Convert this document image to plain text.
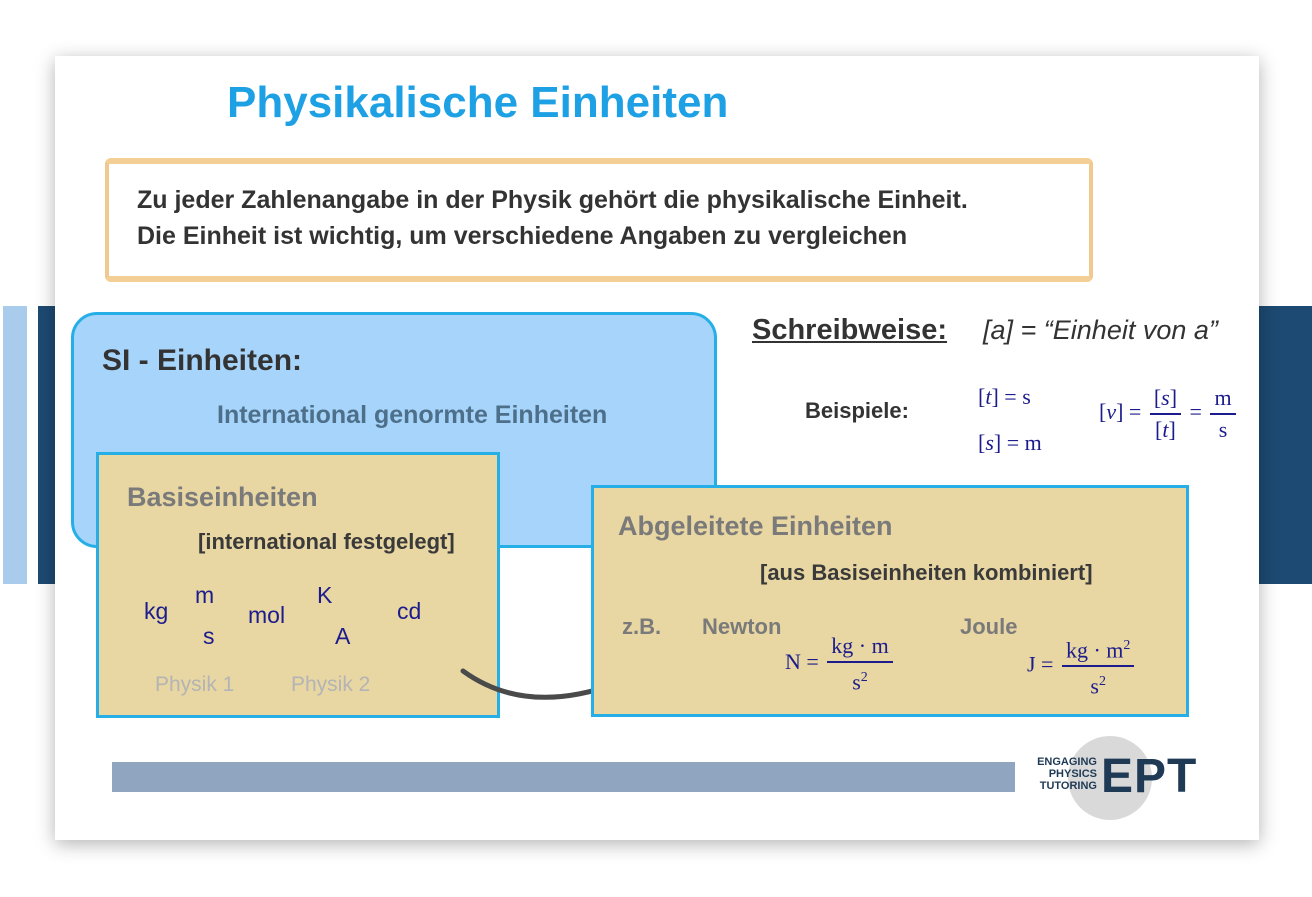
Physikalische Einheiten
Zu jeder Zahlenangabe in der Physik gehört die physikalische Einheit.
Die Einheit ist wichtig, um verschiedene Angaben zu vergleichen
SI - Einheiten:
International genormte Einheiten
Basiseinheiten
[international festgelegt]
kg
m
s
mol
K
A
cd
Physik 1	Physik 2
Abgeleitete Einheiten
[aus Basiseinheiten kombiniert]
z.B. Newton	Joule
$N = \frac{kg \cdot m}{s^2}$	$J = \frac{kg \cdot m^2}{s^2}$
Schreibweise: [a] = “Einheit von a”
Beispiele:
[t] = s
[s] = m
$[v] = \frac{[s]}{[t]} = \frac{m}{s}$
ENGAGING
PHYSICS
TUTORING EPT
